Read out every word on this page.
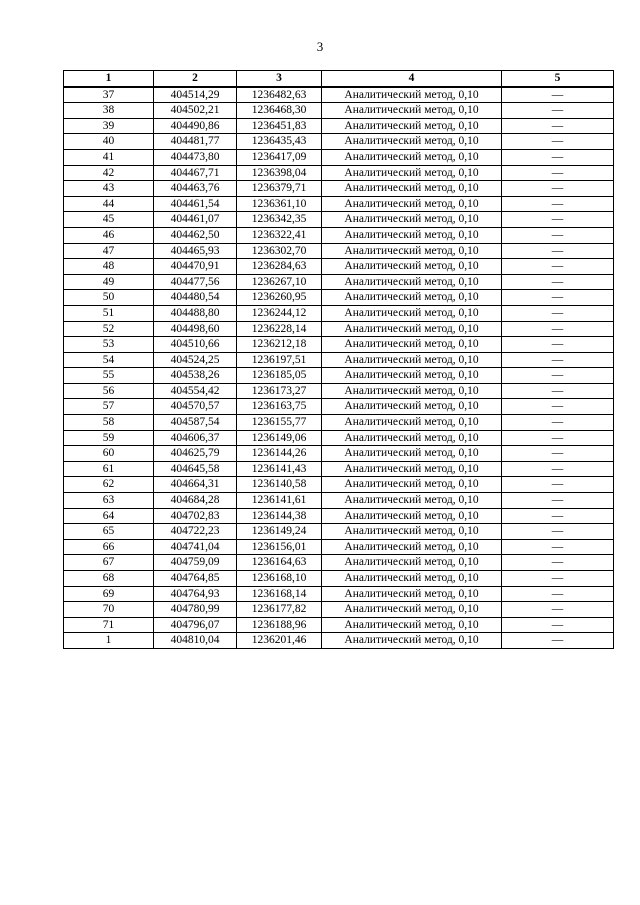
3
1	2	3	4	5
37	404514,29	1236482,63	Аналитический метод, 0,10	—
38	404502,21	1236468,30	Аналитический метод, 0,10	—
39	404490,86	1236451,83	Аналитический метод, 0,10	—
40	404481,77	1236435,43	Аналитический метод, 0,10	—
41	404473,80	1236417,09	Аналитический метод, 0,10	—
42	404467,71	1236398,04	Аналитический метод, 0,10	—
43	404463,76	1236379,71	Аналитический метод, 0,10	—
44	404461,54	1236361,10	Аналитический метод, 0,10	—
45	404461,07	1236342,35	Аналитический метод, 0,10	—
46	404462,50	1236322,41	Аналитический метод, 0,10	—
47	404465,93	1236302,70	Аналитический метод, 0,10	—
48	404470,91	1236284,63	Аналитический метод, 0,10	—
49	404477,56	1236267,10	Аналитический метод, 0,10	—
50	404480,54	1236260,95	Аналитический метод, 0,10	—
51	404488,80	1236244,12	Аналитический метод, 0,10	—
52	404498,60	1236228,14	Аналитический метод, 0,10	—
53	404510,66	1236212,18	Аналитический метод, 0,10	—
54	404524,25	1236197,51	Аналитический метод, 0,10	—
55	404538,26	1236185,05	Аналитический метод, 0,10	—
56	404554,42	1236173,27	Аналитический метод, 0,10	—
57	404570,57	1236163,75	Аналитический метод, 0,10	—
58	404587,54	1236155,77	Аналитический метод, 0,10	—
59	404606,37	1236149,06	Аналитический метод, 0,10	—
60	404625,79	1236144,26	Аналитический метод, 0,10	—
61	404645,58	1236141,43	Аналитический метод, 0,10	—
62	404664,31	1236140,58	Аналитический метод, 0,10	—
63	404684,28	1236141,61	Аналитический метод, 0,10	—
64	404702,83	1236144,38	Аналитический метод, 0,10	—
65	404722,23	1236149,24	Аналитический метод, 0,10	—
66	404741,04	1236156,01	Аналитический метод, 0,10	—
67	404759,09	1236164,63	Аналитический метод, 0,10	—
68	404764,85	1236168,10	Аналитический метод, 0,10	—
69	404764,93	1236168,14	Аналитический метод, 0,10	—
70	404780,99	1236177,82	Аналитический метод, 0,10	—
71	404796,07	1236188,96	Аналитический метод, 0,10	—
1	404810,04	1236201,46	Аналитический метод, 0,10	—
